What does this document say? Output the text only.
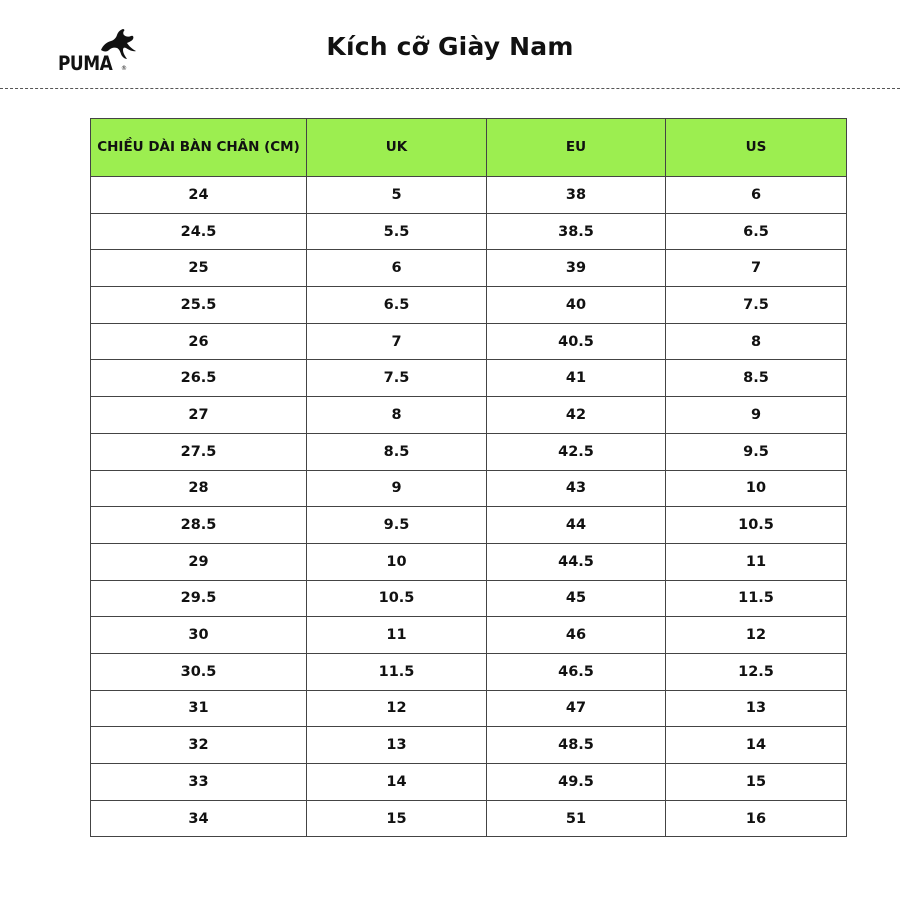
PUMA ®
Kích cỡ Giày Nam
CHIỀU DÀI BÀN CHÂN (CM)	UK	EU	US
24	5	38	6
24.5	5.5	38.5	6.5
25	6	39	7
25.5	6.5	40	7.5
26	7	40.5	8
26.5	7.5	41	8.5
27	8	42	9
27.5	8.5	42.5	9.5
28	9	43	10
28.5	9.5	44	10.5
29	10	44.5	11
29.5	10.5	45	11.5
30	11	46	12
30.5	11.5	46.5	12.5
31	12	47	13
32	13	48.5	14
33	14	49.5	15
34	15	51	16
